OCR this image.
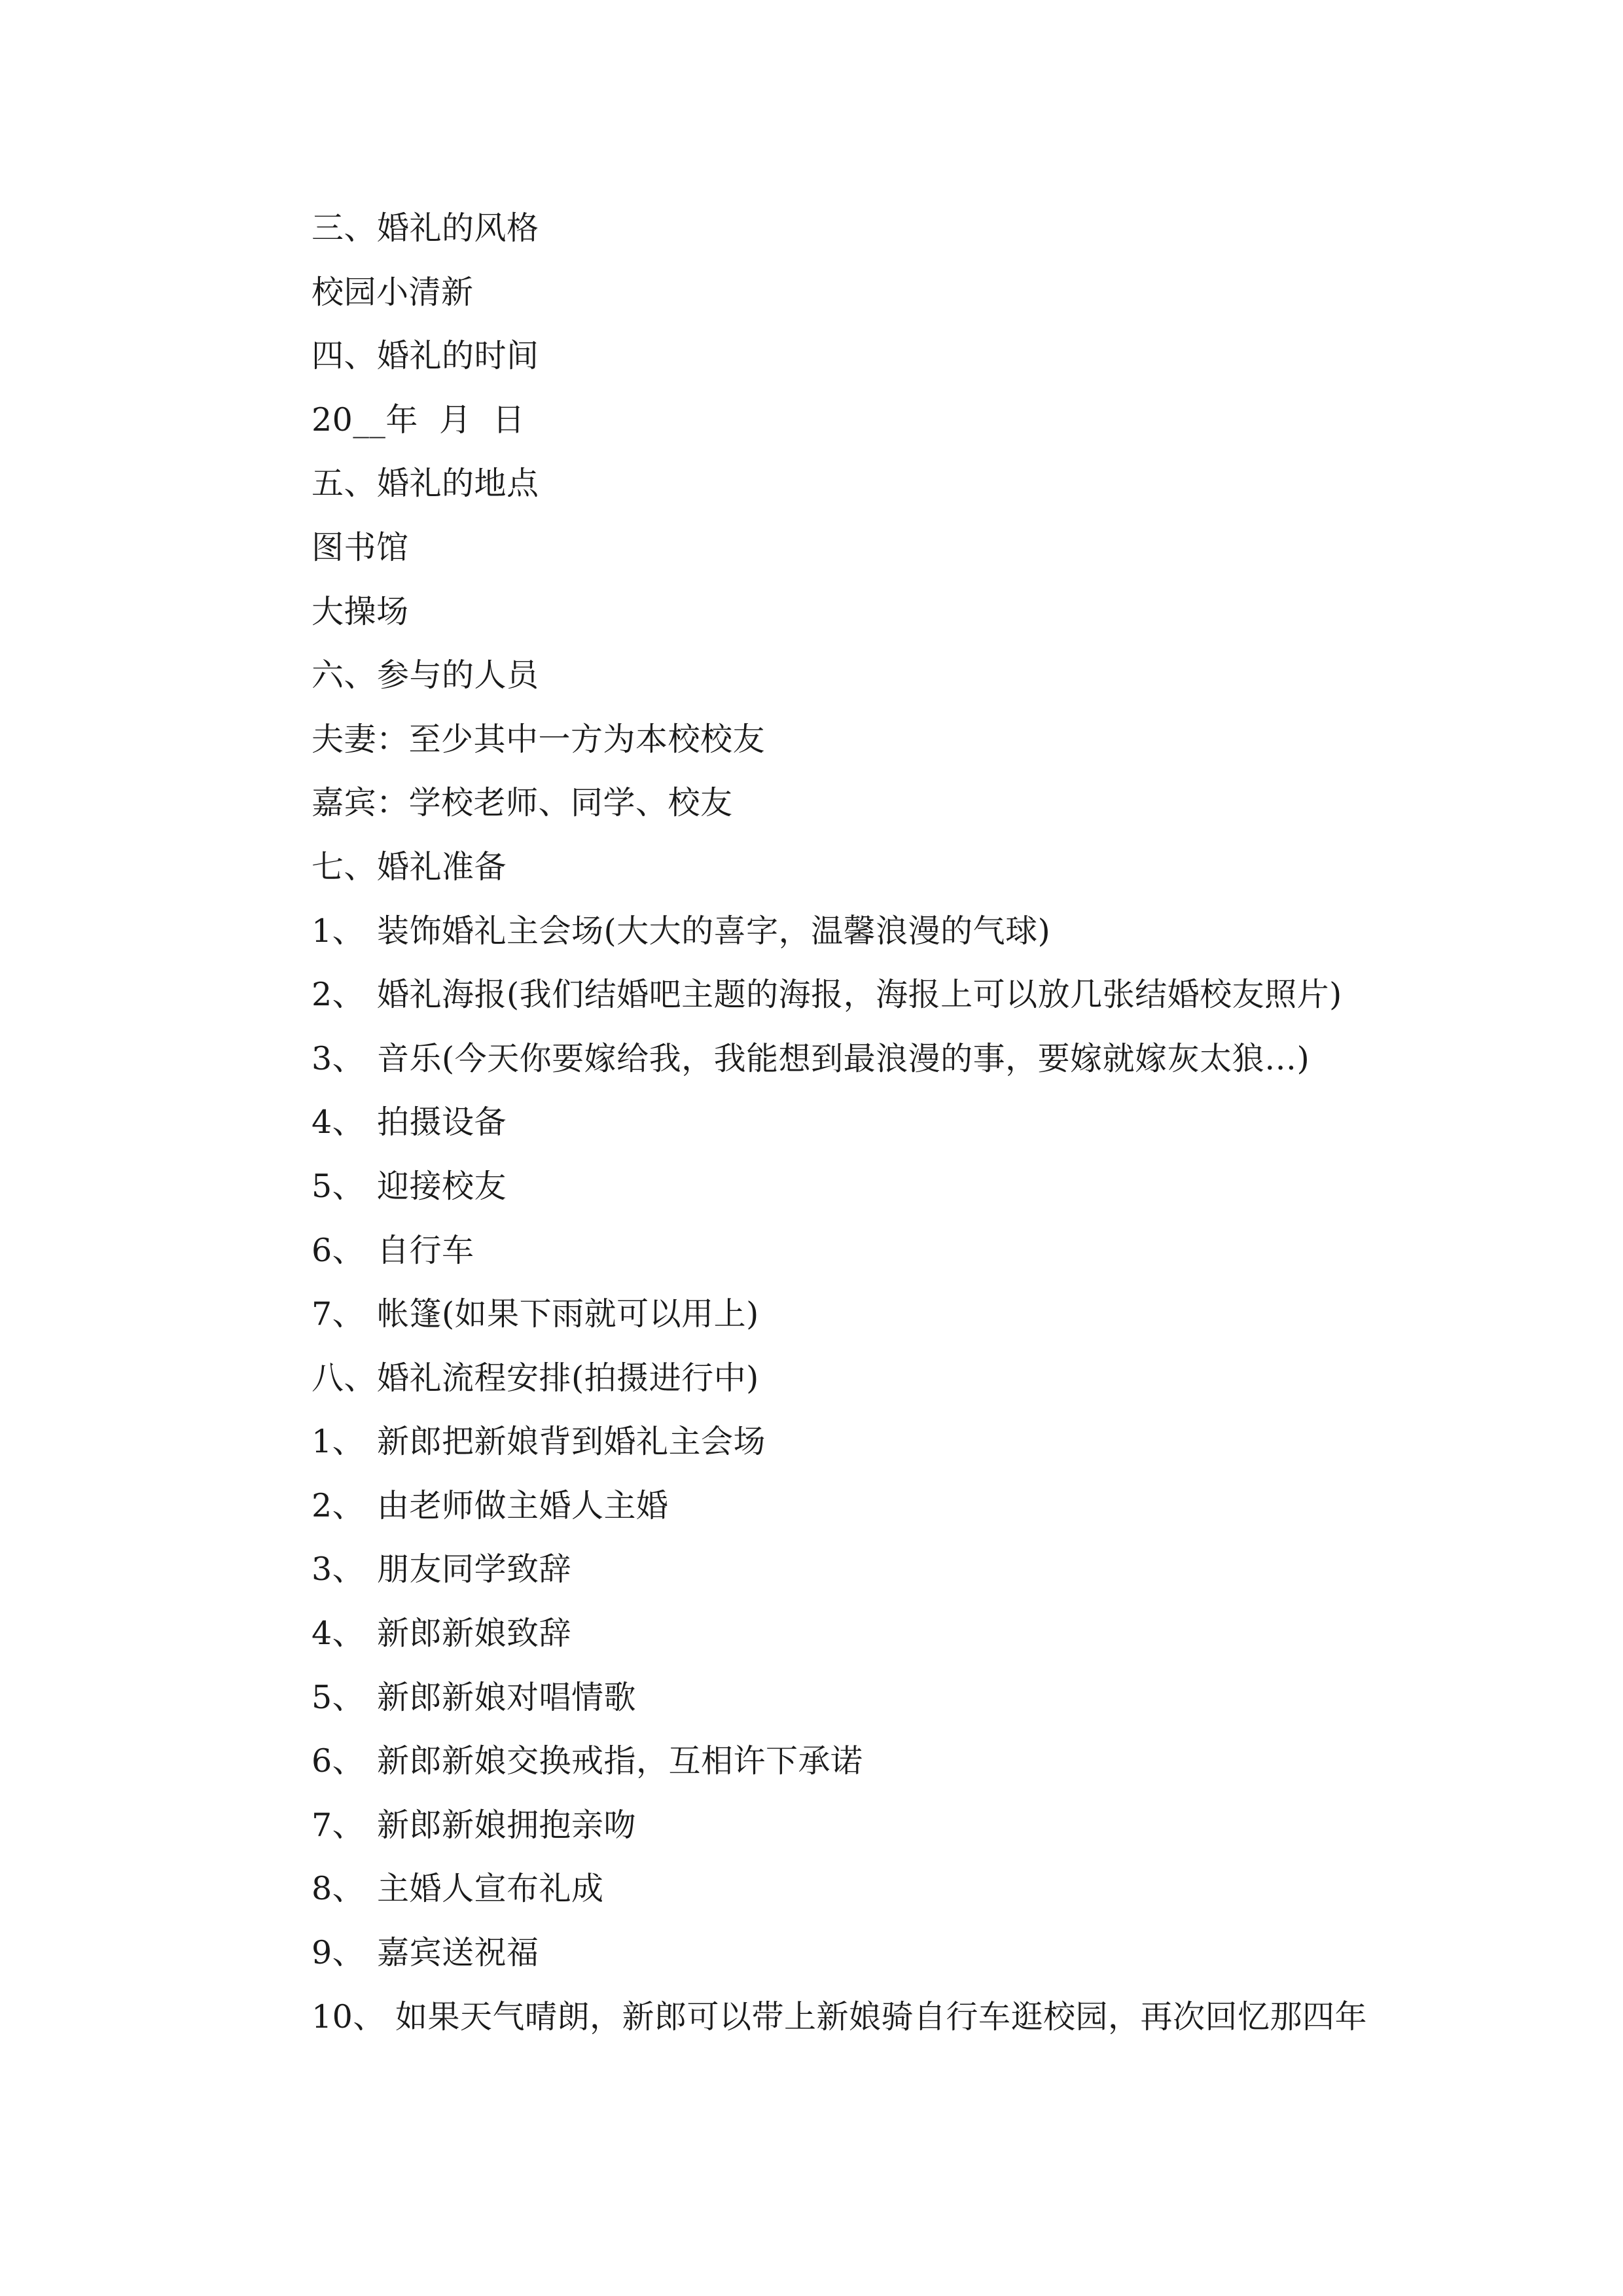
三、婚礼的风格
校园小清新
四、婚礼的时间
20__年  月  日
五、婚礼的地点
图书馆
大操场
六、参与的人员
夫妻：至少其中一方为本校校友
嘉宾：学校老师、同学、校友
七、婚礼准备
1、 装饰婚礼主会场(大大的喜字，温馨浪漫的气球)
2、 婚礼海报(我们结婚吧主题的海报，海报上可以放几张结婚校友照片)
3、 音乐(今天你要嫁给我，我能想到最浪漫的事，要嫁就嫁灰太狼…)
4、 拍摄设备
5、 迎接校友
6、 自行车
7、 帐篷(如果下雨就可以用上)
八、婚礼流程安排(拍摄进行中)
1、 新郎把新娘背到婚礼主会场
2、 由老师做主婚人主婚
3、 朋友同学致辞
4、 新郎新娘致辞
5、 新郎新娘对唱情歌
6、 新郎新娘交换戒指，互相许下承诺
7、 新郎新娘拥抱亲吻
8、 主婚人宣布礼成
9、 嘉宾送祝福
10、 如果天气晴朗，新郎可以带上新娘骑自行车逛校园，再次回忆那四年
